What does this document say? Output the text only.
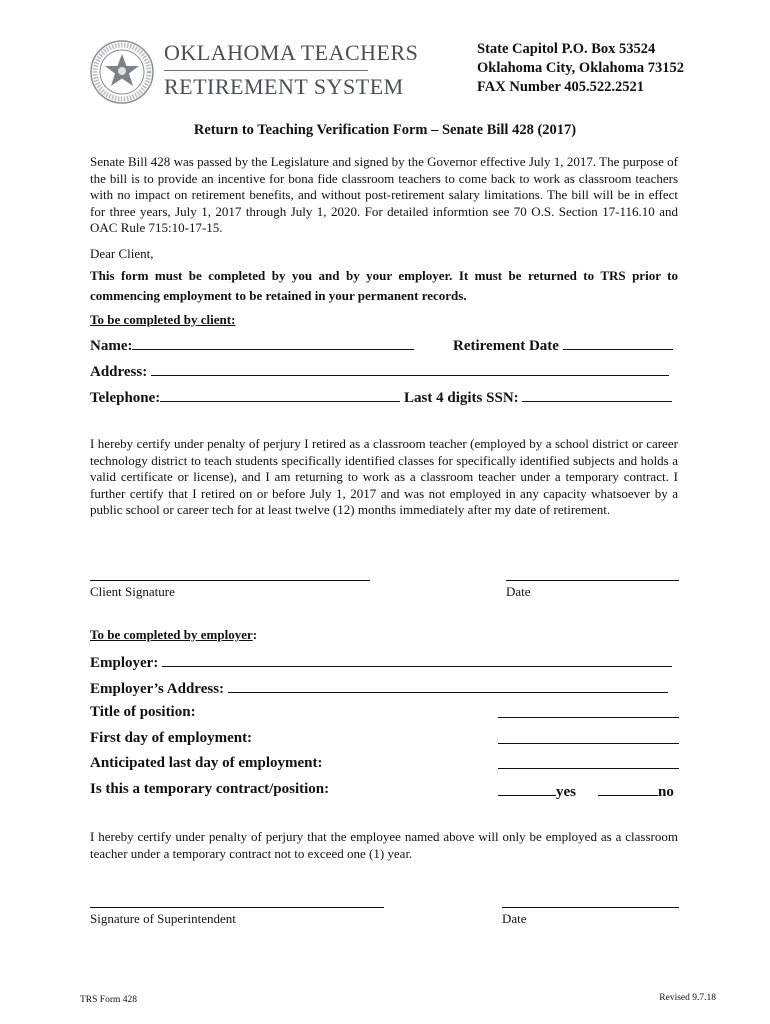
OKLAHOMA TEACHERS
RETIREMENT SYSTEM
State Capitol P.O. Box 53524
Oklahoma City, Oklahoma 73152
FAX Number 405.522.2521
Return to Teaching Verification Form – Senate Bill 428 (2017)
Senate Bill 428 was passed by the Legislature and signed by the Governor effective July 1, 2017. The purpose of the bill is to provide an incentive for bona fide classroom teachers to come back to work as classroom teachers with no impact on retirement benefits, and without post-retirement salary limitations. The bill will be in effect for three years, July 1, 2017 through July 1, 2020. For detailed informtion see 70 O.S. Section 17-116.10 and OAC Rule 715:10-17-15.
Dear Client,
This form must be completed by you and by your employer. It must be returned to TRS prior to commencing employment to be retained in your permanent records.
To be completed by client:
Name:	Retirement Date
Address:
Telephone:	Last 4 digits SSN:
I hereby certify under penalty of perjury I retired as a classroom teacher (employed by a school district or career technology district to teach students specifically identified classes for specifically identified subjects and holds a valid certificate or license), and I am returning to work as a classroom teacher under a temporary contract. I further certify that I retired on or before July 1, 2017 and was not employed in any capacity whatsoever by a public school or career tech for at least twelve (12) months immediately after my date of retirement.
Client Signature	Date
To be completed by employer:
Employer:
Employer’s Address:
Title of position:
First day of employment:
Anticipated last day of employment:
Is this a temporary contract/position:	yes	no
I hereby certify under penalty of perjury that the employee named above will only be employed as a classroom teacher under a temporary contract not to exceed one (1) year.
Signature of Superintendent	Date
TRS Form 428	Revised 9.7.18
